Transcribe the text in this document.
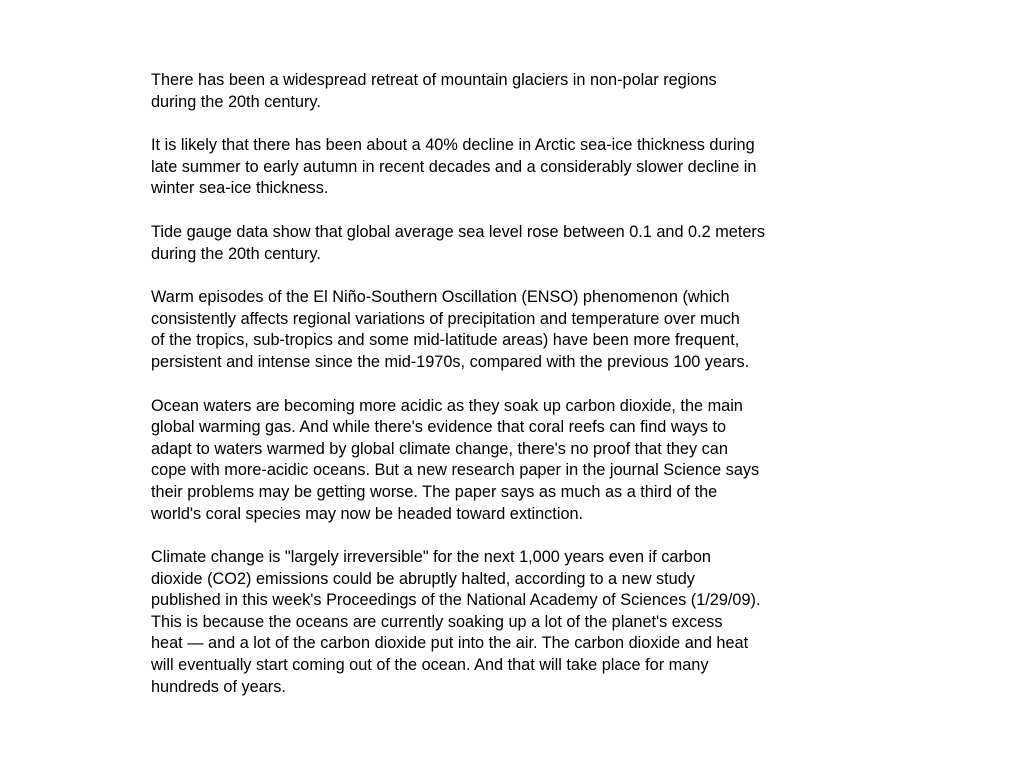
There has been a widespread retreat of mountain glaciers in non-polar regions
during the 20th century.

It is likely that there has been about a 40% decline in Arctic sea-ice thickness during
late summer to early autumn in recent decades and a considerably slower decline in
winter sea-ice thickness.

Tide gauge data show that global average sea level rose between 0.1 and 0.2 meters
during the 20th century.

Warm episodes of the El Niño-Southern Oscillation (ENSO) phenomenon (which
consistently affects regional variations of precipitation and temperature over much
of the tropics, sub-tropics and some mid-latitude areas) have been more frequent,
persistent and intense since the mid-1970s, compared with the previous 100 years.

Ocean waters are becoming more acidic as they soak up carbon dioxide, the main
global warming gas. And while there's evidence that coral reefs can find ways to
adapt to waters warmed by global climate change, there's no proof that they can
cope with more-acidic oceans. But a new research paper in the journal Science says
their problems may be getting worse. The paper says as much as a third of the
world's coral species may now be headed toward extinction.

Climate change is "largely irreversible" for the next 1,000 years even if carbon
dioxide (CO2) emissions could be abruptly halted, according to a new study
published in this week's Proceedings of the National Academy of Sciences (1/29/09).
This is because the oceans are currently soaking up a lot of the planet's excess
heat — and a lot of the carbon dioxide put into the air. The carbon dioxide and heat
will eventually start coming out of the ocean. And that will take place for many
hundreds of years.
